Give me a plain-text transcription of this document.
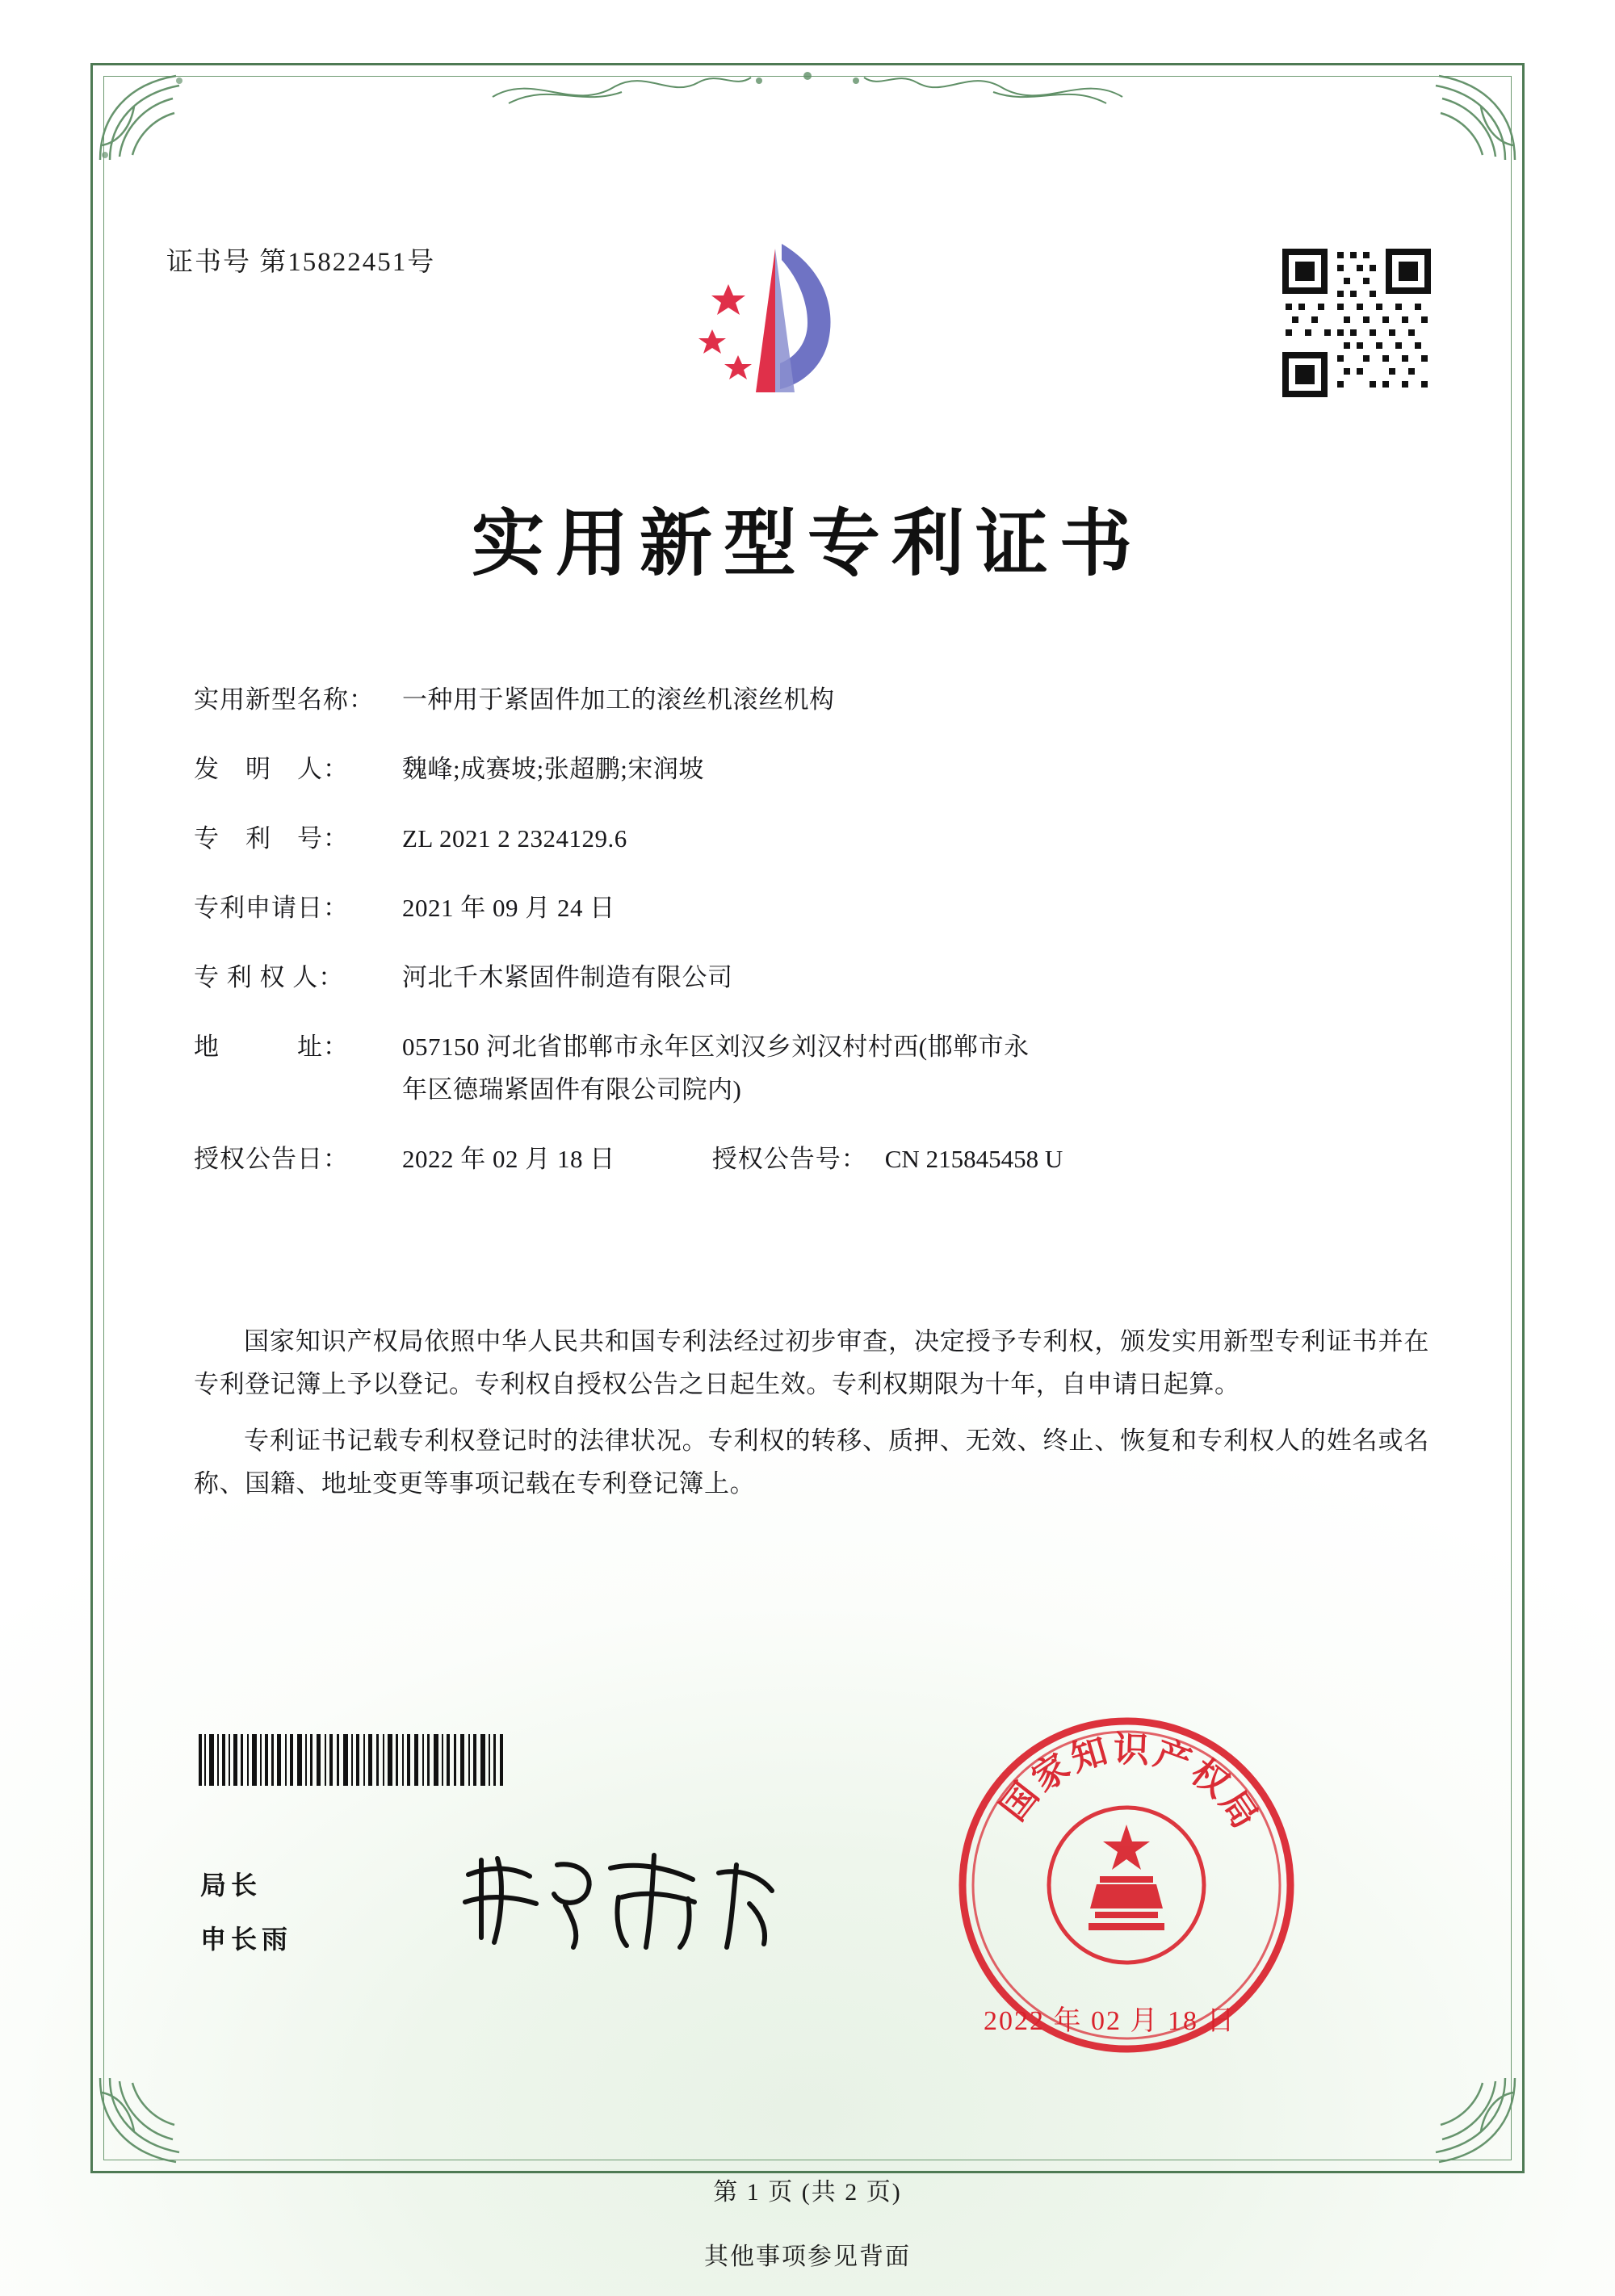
证书号 第15822451号
实用新型专利证书
实用新型名称：	一种用于紧固件加工的滚丝机滚丝机构
发　明　人：	魏峰;成赛坡;张超鹏;宋润坡
专　利　号：	ZL 2021 2 2324129.6
专利申请日：	2021 年 09 月 24 日
专 利 权 人：	河北千木紧固件制造有限公司
地　　　址：	057150 河北省邯郸市永年区刘汉乡刘汉村村西(邯郸市永
年区德瑞紧固件有限公司院内)
授权公告日：	2022 年 02 月 18 日	授权公告号： CN 215845458 U

国家知识产权局依照中华人民共和国专利法经过初步审查，决定授予专利权，颁发实用新型专利证书并在专利登记簿上予以登记。专利权自授权公告之日起生效。专利权期限为十年，自申请日起算。

专利证书记载专利权登记时的法律状况。专利权的转移、质押、无效、终止、恢复和专利权人的姓名或名称、国籍、地址变更等事项记载在专利登记簿上。

局长
申长雨
国
家
知 识 产
权
局
2022 年 02 月 18 日
第 1 页 (共 2 页)
其他事项参见背面
